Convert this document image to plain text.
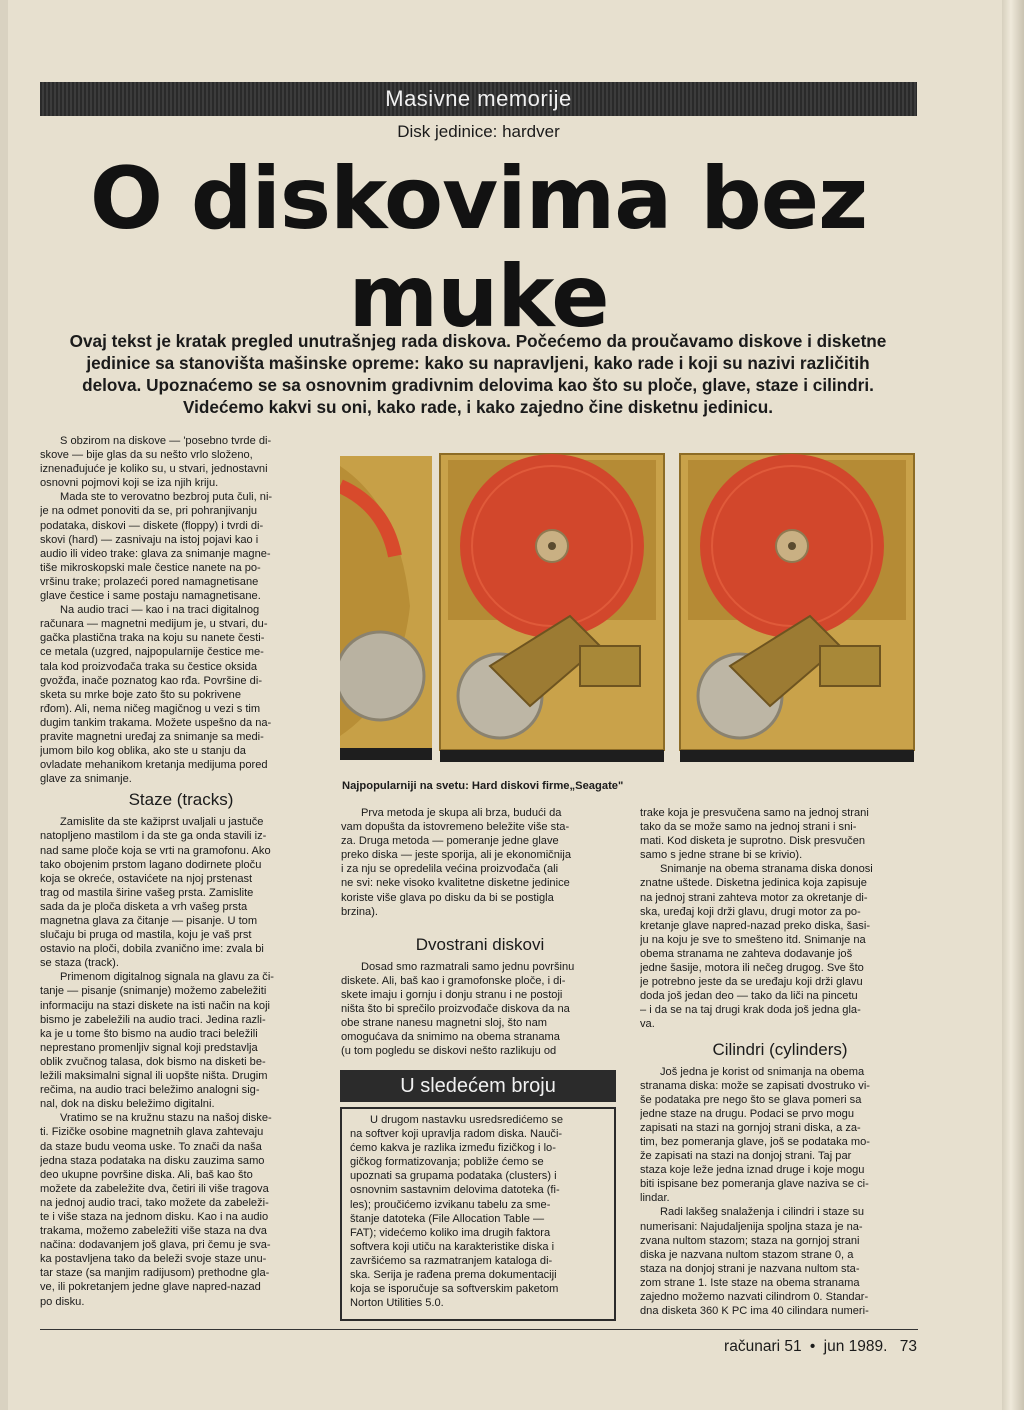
Masivne memorije
Disk jedinice: hardver
O diskovima bez
muke
Ovaj tekst je kratak pregled unutrašnjeg rada diskova. Počećemo da proučavamo diskove i disketne
jedinice sa stanovišta mašinske opreme: kako su napravljeni, kako rade i koji su nazivi različitih
delova. Upoznaćemo se sa osnovnim gradivnim delovima kao što su ploče, glave, staze i cilindri.
Videćemo kakvi su oni, kako rade, i kako zajedno čine disketnu jedinicu.
S obzirom na diskove — 'posebno tvrde di-
skove — bije glas da su nešto vrlo složeno,
iznenađujuće je koliko su, u stvari, jednostavni
osnovni pojmovi koji se iza njih kriju.
Mada ste to verovatno bezbroj puta čuli, ni-
je na odmet ponoviti da se, pri pohranjivanju
podataka, diskovi — diskete (floppy) i tvrdi di-
skovi (hard) — zasnivaju na istoj pojavi kao i
audio ili video trake: glava za snimanje magne-
tiše mikroskopski male čestice nanete na po-
vršinu trake; prolazeći pored namagnetisane
glave čestice i same postaju namagnetisane.
Na audio traci — kao i na traci digitalnog
računara — magnetni medijum je, u stvari, du-
gačka plastična traka na koju su nanete česti-
ce metala (uzgred, najpopularnije čestice me-
tala kod proizvođača traka su čestice oksida
gvožđa, inače poznatog kao rđa. Površine di-
sketa su mrke boje zato što su pokrivene
rđom). Ali, nema ničeg magičnog u vezi s tim
dugim tankim trakama. Možete uspešno da na-
pravite magnetni uređaj za snimanje sa medi-
jumom bilo kog oblika, ako ste u stanju da
ovladate mehanikom kretanja medijuma pored
glave za snimanje.
Staze (tracks)
Zamislite da ste kažiprst uvaljali u jastuče
natopljeno mastilom i da ste ga onda stavili iz-
nad same ploče koja se vrti na gramofonu. Ako
tako obojenim prstom lagano dodirnete ploču
koja se okreće, ostavićete na njoj prstenast
trag od mastila širine vašeg prsta. Zamislite
sada da je ploča disketa a vrh vašeg prsta
magnetna glava za čitanje — pisanje. U tom
slučaju bi pruga od mastila, koju je vaš prst
ostavio na ploči, dobila zvanično ime: zvala bi
se staza (track).
Primenom digitalnog signala na glavu za či-
tanje — pisanje (snimanje) možemo zabeležiti
informaciju na stazi diskete na isti način na koji
bismo je zabeležili na audio traci. Jedina razli-
ka je u tome što bismo na audio traci beležili
neprestano promenljiv signal koji predstavlja
oblik zvučnog talasa, dok bismo na disketi be-
ležili maksimalni signal ili uopšte ništa. Drugim
rečima, na audio traci beležimo analogni sig-
nal, dok na disku beležimo digitalni.
Vratimo se na kružnu stazu na našoj diske-
ti. Fizičke osobine magnetnih glava zahtevaju
da staze budu veoma uske. To znači da naša
jedna staza podataka na disku zauzima samo
deo ukupne površine diska. Ali, baš kao što
možete da zabeležite dva, četiri ili više tragova
na jednoj audio traci, tako možete da zabeleži-
te i više staza na jednom disku. Kao i na audio
trakama, možemo zabeležiti više staza na dva
načina: dodavanjem još glava, pri čemu je sva-
ka postavljena tako da beleži svoje staze unu-
tar staze (sa manjim radijusom) prethodne gla-
ve, ili pokretanjem jedne glave napred-nazad
po disku.
Najpopularniji na svetu: Hard diskovi firme„Seagate"
Prva metoda je skupa ali brza, budući da
vam dopušta da istovremeno beležite više sta-
za. Druga metoda — pomeranje jedne glave
preko diska — jeste sporija, ali je ekonomičnija
i za nju se opredelila većina proizvođača (ali
ne svi: neke visoko kvalitetne disketne jedinice
koriste više glava po disku da bi se postigla
brzina).
Dvostrani diskovi
Dosad smo razmatrali samo jednu površinu
diskete. Ali, baš kao i gramofonske ploče, i di-
skete imaju i gornju i donju stranu i ne postoji
ništa što bi sprečilo proizvođače diskova da na
obe strane nanesu magnetni sloj, što nam
omogućava da snimimo na obema stranama
(u tom pogledu se diskovi nešto razlikuju od
U sledećem broju
U drugom nastavku usredsredićemo se
na softver koji upravlja radom diska. Nauči-
ćemo kakva je razlika između fizičkog i lo-
gičkog formatizovanja; pobliže ćemo se
upoznati sa grupama podataka (clusters) i
osnovnim sastavnim delovima datoteka (fi-
les); proučićemo izvikanu tabelu za sme-
štanje datoteka (File Allocation Table —
FAT); videćemo koliko ima drugih faktora
softvera koji utiču na karakteristike diska i
završićemo sa razmatranjem kataloga di-
ska. Serija je rađena prema dokumentaciji
koja se isporučuje sa softverskim paketom
Norton Utilities 5.0.
trake koja je presvučena samo na jednoj strani
tako da se može samo na jednoj strani i sni-
mati. Kod disketa je suprotno. Disk presvučen
samo s jedne strane bi se krivio).
Snimanje na obema stranama diska donosi
znatne uštede. Disketna jedinica koja zapisuje
na jednoj strani zahteva motor za okretanje di-
ska, uređaj koji drži glavu, drugi motor za po-
kretanje glave napred-nazad preko diska, šasi-
ju na koju je sve to smešteno itd. Snimanje na
obema stranama ne zahteva dodavanje još
jedne šasije, motora ili nečeg drugog. Sve što
je potrebno jeste da se uređaju koji drži glavu
doda još jedan deo — tako da liči na pincetu
– i da se na taj drugi krak doda još jedna gla-
va.
Cilindri (cylinders)
Još jedna je korist od snimanja na obema
stranama diska: može se zapisati dvostruko vi-
še podataka pre nego što se glava pomeri sa
jedne staze na drugu. Podaci se prvo mogu
zapisati na stazi na gornjoj strani diska, a za-
tim, bez pomeranja glave, još se podataka mo-
že zapisati na stazi na donjoj strani. Taj par
staza koje leže jedna iznad druge i koje mogu
biti ispisane bez pomeranja glave naziva se ci-
lindar.
Radi lakšeg snalaženja i cilindri i staze su
numerisani: Najudaljenija spoljna staza je na-
zvana nultom stazom; staza na gornjoj strani
diska je nazvana nultom stazom strane 0, a
staza na donjoj strani je nazvana nultom sta-
zom strane 1. Iste staze na obema stranama
zajedno možemo nazvati cilindrom 0. Standar-
dna disketa 360 K PC ima 40 cilindara numeri-
računari 51 • jun 1989. 73
